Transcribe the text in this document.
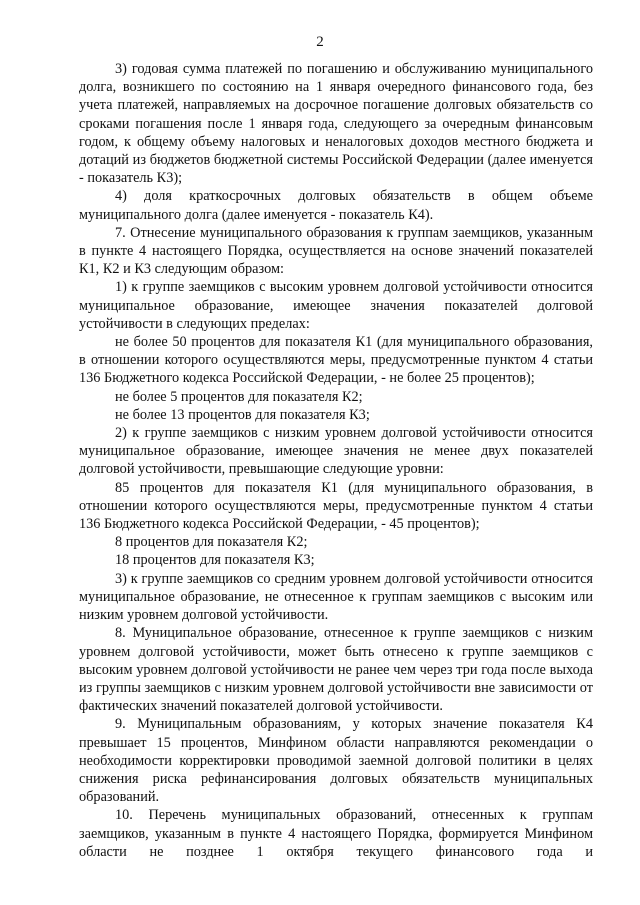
2

3) годовая сумма платежей по погашению и обслуживанию муниципального долга, возникшего по состоянию на 1 января очередного финансового года, без учета платежей, направляемых на досрочное погашение долговых обязательств со сроками погашения после 1 января года, следующего за очередным финансовым годом, к общему объему налоговых и неналоговых доходов местного бюджета и дотаций из бюджетов бюджетной системы Российской Федерации (далее именуется - показатель К3);

4) доля краткосрочных долговых обязательств в общем объеме муниципального долга (далее именуется - показатель К4).

7. Отнесение муниципального образования к группам заемщиков, указанным в пункте 4 настоящего Порядка, осуществляется на основе значений показателей К1, К2 и К3 следующим образом:

1) к группе заемщиков с высоким уровнем долговой устойчивости относится муниципальное образование, имеющее значения показателей долговой устойчивости в следующих пределах:

не более 50 процентов для показателя К1 (для муниципального образования, в отношении которого осуществляются меры, предусмотренные пунктом 4 статьи 136 Бюджетного кодекса Российской Федерации, - не более 25 процентов);

не более 5 процентов для показателя К2;

не более 13 процентов для показателя К3;

2) к группе заемщиков с низким уровнем долговой устойчивости относится муниципальное образование, имеющее значения не менее двух показателей долговой устойчивости, превышающие следующие уровни:

85 процентов для показателя К1 (для муниципального образования, в отношении которого осуществляются меры, предусмотренные пунктом 4 статьи 136 Бюджетного кодекса Российской Федерации, - 45 процентов);

8 процентов для показателя К2;

18 процентов для показателя К3;

3) к группе заемщиков со средним уровнем долговой устойчивости относится муниципальное образование, не отнесенное к группам заемщиков с высоким или низким уровнем долговой устойчивости.

8. Муниципальное образование, отнесенное к группе заемщиков с низким уровнем долговой устойчивости, может быть отнесено к группе заемщиков с высоким уровнем долговой устойчивости не ранее чем через три года после выхода из группы заемщиков с низким уровнем долговой устойчивости вне зависимости от фактических значений показателей долговой устойчивости.

9. Муниципальным образованиям, у которых значение показателя К4 превышает 15 процентов, Минфином области направляются рекомендации о необходимости корректировки проводимой заемной долговой политики в целях снижения риска рефинансирования долговых обязательств муниципальных образований.

10. Перечень муниципальных образований, отнесенных к группам заемщиков, указанным в пункте 4 настоящего Порядка, формируется Минфином области не позднее 1 октября текущего финансового года и
